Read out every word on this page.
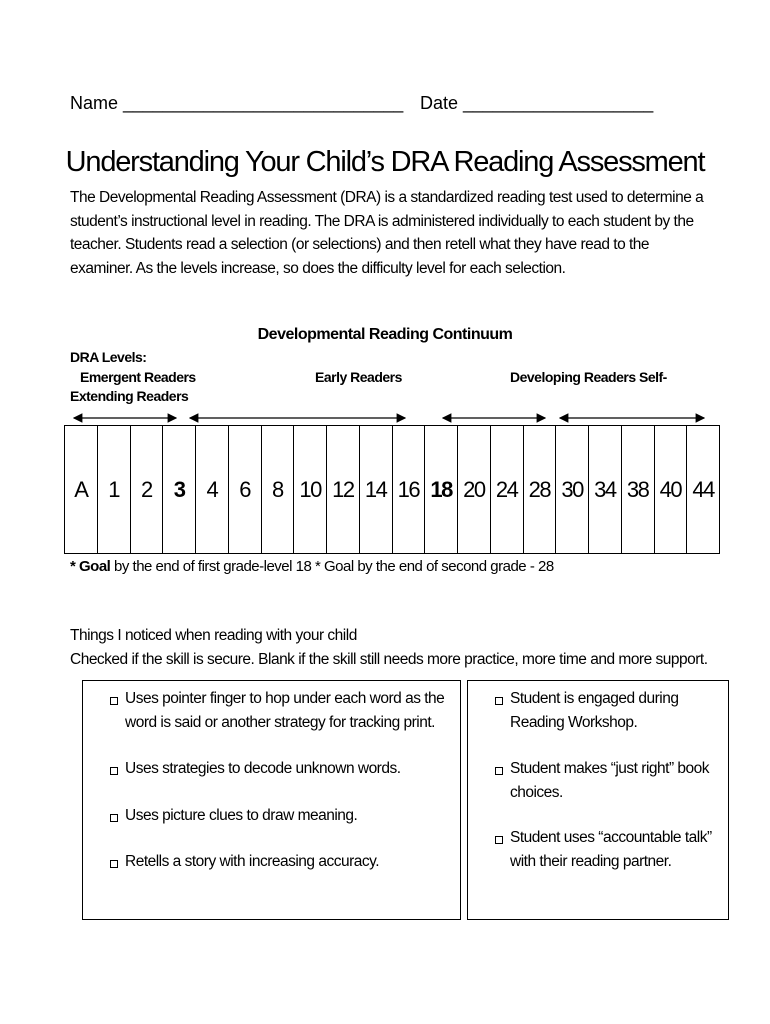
Name ____________________________ Date ___________________
Understanding Your Child’s DRA Reading Assessment
The Developmental Reading Assessment (DRA) is a standardized reading test used to determine a student’s instructional level in reading. The DRA is administered individually to each student by the teacher. Students read a selection (or selections) and then retell what they have read to the examiner. As the levels increase, so does the difficulty level for each selection.
Developmental Reading Continuum
DRA Levels:
Emergent Readers	Early Readers	Developing Readers Self-
Extending Readers
A	1	2	3	4	6	8	10	12	14	16	18	20	24	28	30	34	38	40	44
* Goal by the end of first grade-level 18 * Goal by the end of second grade - 28
Things I noticed when reading with your child
Checked if the skill is secure. Blank if the skill still needs more practice, more time and more support.
Uses pointer finger to hop under each word as the word is said or another strategy for tracking print.
Uses strategies to decode unknown words.
Uses picture clues to draw meaning.
Retells a story with increasing accuracy.
Student is engaged during Reading Workshop.
Student makes “just right” book choices.
Student uses “accountable talk” with their reading partner.
